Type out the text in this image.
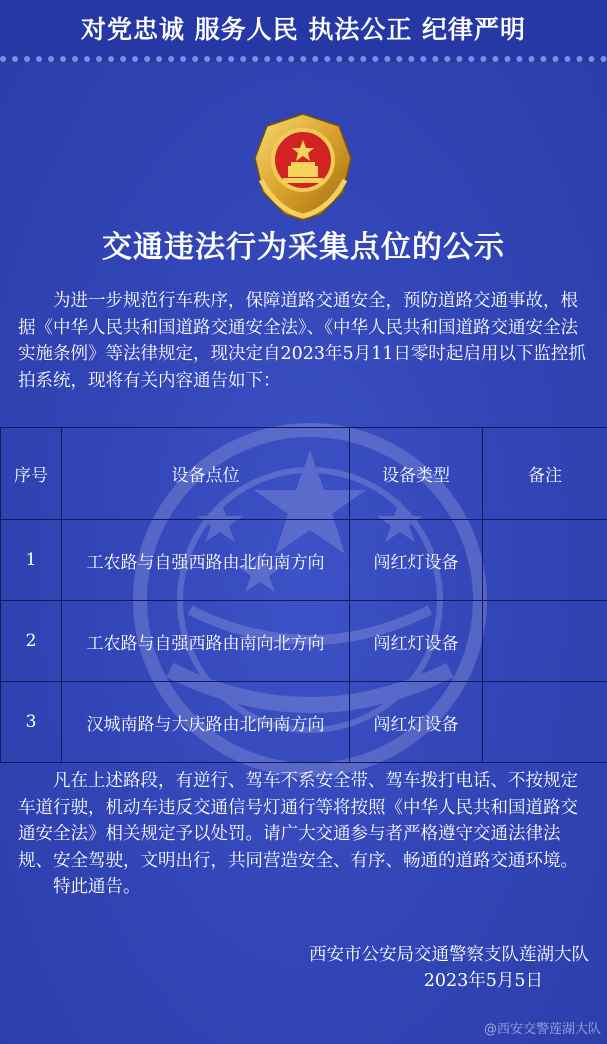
对党忠诚 服务人民 执法公正 纪律严明
交通违法行为采集点位的公示
为进一步规范行车秩序，保障道路交通安全，预防道路交通事故，根据《中华人民共和国道路交通安全法》、《中华人民共和国道路交通安全法实施条例》等法律规定，现决定自2023年5月11日零时起启用以下监控抓拍系统，现将有关内容通告如下：
序号	设备点位	设备类型	备注
1	工农路与自强西路由北向南方向	闯红灯设备	
2	工农路与自强西路由南向北方向	闯红灯设备	
3	汉城南路与大庆路由北向南方向	闯红灯设备	
凡在上述路段，有逆行、驾车不系安全带、驾车拨打电话、不按规定车道行驶，机动车违反交通信号灯通行等将按照《中华人民共和国道路交通安全法》相关规定予以处罚。请广大交通参与者严格遵守交通法律法规、安全驾驶，文明出行，共同营造安全、有序、畅通的道路交通环境。
特此通告。
西安市公安局交通警察支队莲湖大队
2023年5月5日
@西安交警莲湖大队
